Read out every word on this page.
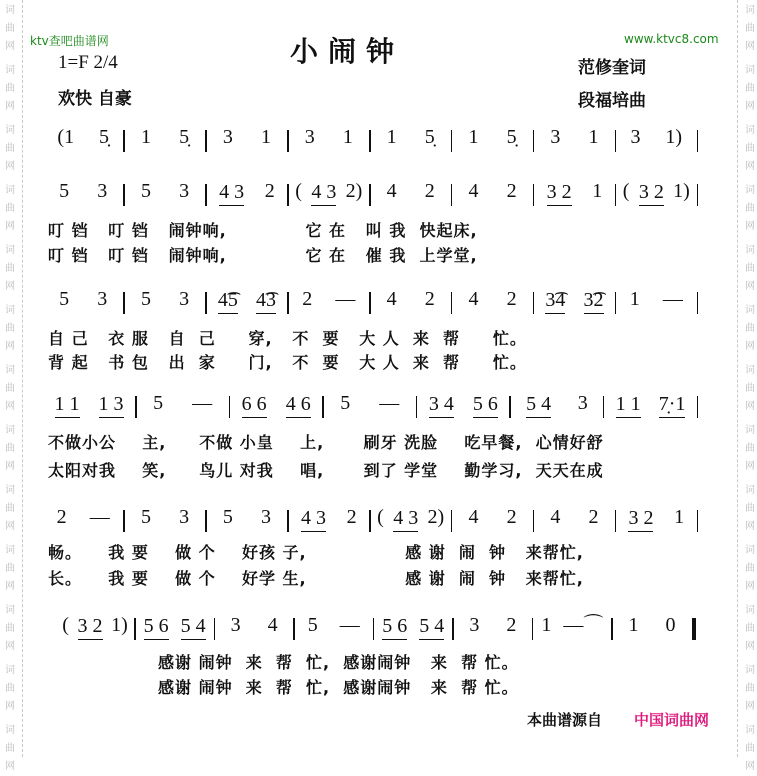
词
曲
网
词
曲
网
词
曲
网
词
曲
网
词
曲
网
词
曲
网
词
曲
网
词
曲
网
词
曲
网
词
曲
网
词
曲
网
词
曲
网
词
曲
网
词
曲
网
词
曲
网
词
曲
网
词
曲
网
词
曲
网
词
曲
网
词
曲
网
词
曲
网
词
曲
网
词
曲
网
词
曲
网
词
曲
网
词
曲
网
ktv查吧曲谱网	www.ktvc8.com
小闹钟
1=F 2/4
欢快 自豪
范修奎词
段福培曲
(1 5̣ 1 5̣ 3 1 3 1 1 5̣ 1 5̣ 3 1 3 1)
5 3 5 3 4 3 2 ( 4 3 2) 4 2 4 2 3 2 1 ( 3 2 1)
叮 铛   叮 铛   闹钟响,            它 在   叫 我  快起床,
叮 铛   叮 铛   闹钟响,            它 在   催 我  上学堂,
5 3 5 3 4͡5 4͡3 2 — 4 2 4 2 3͡4 3͡2 1 —
自 己   衣 服   自  己     穿,   不  要   大 人  来  帮     忙。
背 起   书 包   出  家     门,   不  要   大 人  来  帮     忙。
1 1 1 3 5 — 6 6 4 6 5 — 3 4 5 6 5 4 3 1 1 7̣·1
不做小公    主,     不做 小皇    上,      刷牙 洗脸    吃早餐,  心情好舒
太阳对我    笑,     鸟儿 对我    唱,      到了 学堂    勤学习,  天天在成
2 — 5 3 5 3 4 3 2 ( 4 3 2) 4 2 4 2 3 2 1
畅。    我 要    做 个    好孩 子,               感 谢  闹  钟   来帮忙,
长。    我 要    做 个    好学 生,               感 谢  闹  钟   来帮忙,
( 3 2 1) 5 6 5 4 3 4 5 — 5 6 5 4 3 2 1 —⌒ 1 0
感谢 闹钟  来  帮  忙,  感谢闹钟   来  帮 忙。
感谢 闹钟  来  帮  忙,  感谢闹钟   来  帮 忙。
本曲谱源自 中国词曲网
